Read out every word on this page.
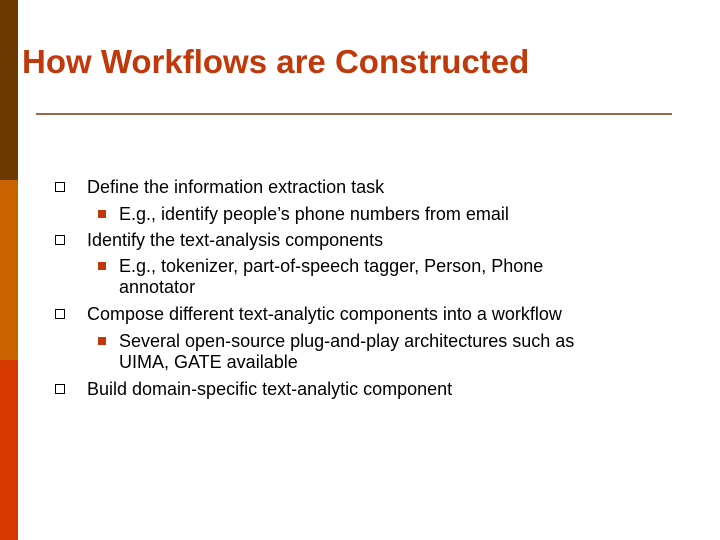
How Workflows are Constructed
Define the information extraction task
E.g., identify people’s phone numbers from email
Identify the text-analysis components
E.g., tokenizer, part-of-speech tagger, Person, Phone
annotator
Compose different text-analytic components into a workflow
Several open-source plug-and-play architectures such as
UIMA, GATE available
Build domain-specific text-analytic component
